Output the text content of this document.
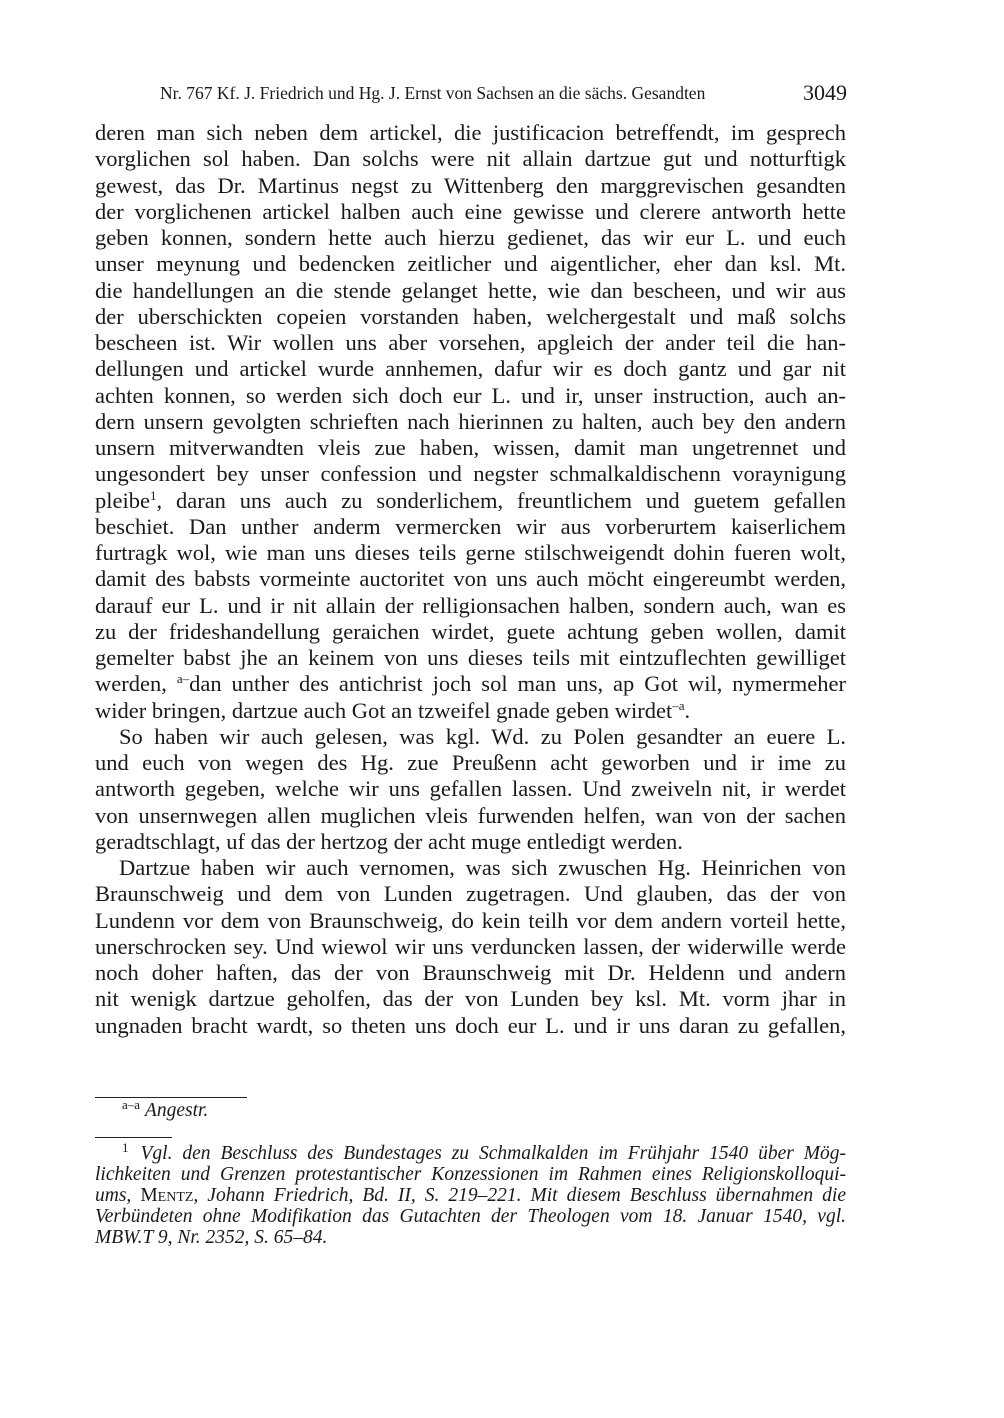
Nr. 767 Kf. J. Friedrich und Hg. J. Ernst von Sachsen an die sächs. Gesandten	3049
deren man sich neben dem artickel, die justificacion betreffendt, im gesprech
vorglichen sol haben. Dan solchs were nit allain dartzue gut und notturftigk
gewest, das Dr. Martinus negst zu Wittenberg den marggrevischen gesandten
der vorglichenen artickel halben auch eine gewisse und clerere antworth hette
geben konnen, sondern hette auch hierzu gedienet, das wir eur L. und euch
unser meynung und bedencken zeitlicher und aigentlicher, eher dan ksl. Mt.
die handellungen an die stende gelanget hette, wie dan bescheen, und wir aus
der uberschickten copeien vorstanden haben, welchergestalt und maß solchs
bescheen ist. Wir wollen uns aber vorsehen, apgleich der ander teil die han-
dellungen und artickel wurde annhemen, dafur wir es doch gantz und gar nit
achten konnen, so werden sich doch eur L. und ir, unser instruction, auch an-
dern unsern gevolgten schrieften nach hierinnen zu halten, auch bey den andern
unsern mitverwandten vleis zue haben, wissen, damit man ungetrennet und
ungesondert bey unser confession und negster schmalkaldischenn voraynigung
pleibe$^1$, daran uns auch zu sonderlichem, freuntlichem und guetem gefallen
beschiet. Dan unther anderm vermercken wir aus vorberurtem kaiserlichem
furtragk wol, wie man uns dieses teils gerne stilschweigendt dohin fueren wolt,
damit des babsts vormeinte auctoritet von uns auch möcht eingereumbt werden,
darauf eur L. und ir nit allain der relligionsachen halben, sondern auch, wan es
zu der frideshandellung geraichen wirdet, guete achtung geben wollen, damit
gemelter babst jhe an keinem von uns dieses teils mit eintzuflechten gewilliget
werden, $^{a-}$dan unther des antichrist joch sol man uns, ap Got wil, nymermeher
wider bringen, dartzue auch Got an tzweifel gnade geben wirdet$^{-a}$.
So haben wir auch gelesen, was kgl. Wd. zu Polen gesandter an euere L.
und euch von wegen des Hg. zue Preußenn acht geworben und ir ime zu
antworth gegeben, welche wir uns gefallen lassen. Und zweiveln nit, ir werdet
von unsernwegen allen muglichen vleis furwenden helfen, wan von der sachen
geradtschlagt, uf das der hertzog der acht muge entledigt werden.
Dartzue haben wir auch vernomen, was sich zwuschen Hg. Heinrichen von
Braunschweig und dem von Lunden zugetragen. Und glauben, das der von
Lundenn vor dem von Braunschweig, do kein teilh vor dem andern vorteil hette,
unerschrocken sey. Und wiewol wir uns verduncken lassen, der widerwille werde
noch doher haften, das der von Braunschweig mit Dr. Heldenn und andern
nit wenigk dartzue geholfen, das der von Lunden bey ksl. Mt. vorm jhar in
ungnaden bracht wardt, so theten uns doch eur L. und ir uns daran zu gefallen,
$^{a-a}$ Angestr.
$^1$ Vgl. den Beschluss des Bundestages zu Schmalkalden im Frühjahr 1540 über Mög-
lichkeiten und Grenzen protestantischer Konzessionen im Rahmen eines Religionskolloqui-
ums, Mentz, Johann Friedrich, Bd. II, S. 219–221. Mit diesem Beschluss übernahmen die
Verbündeten ohne Modifikation das Gutachten der Theologen vom 18. Januar 1540, vgl.
MBW.T 9, Nr. 2352, S. 65–84.
